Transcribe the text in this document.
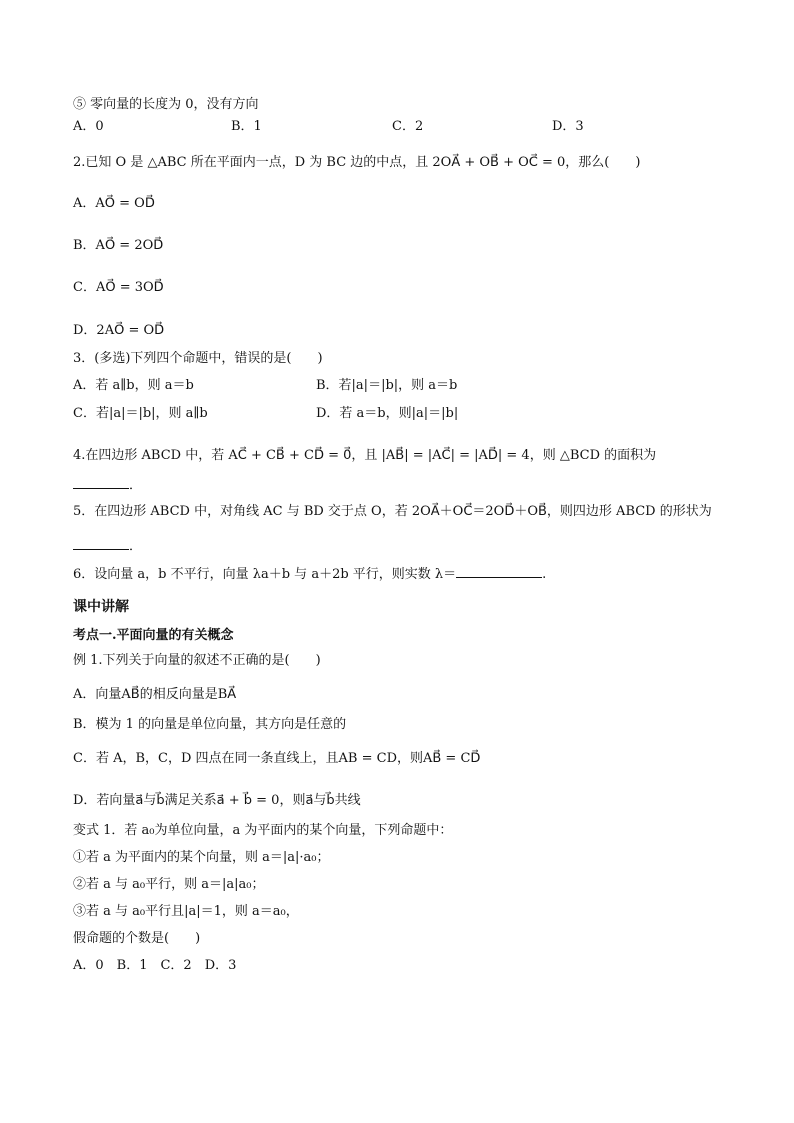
⑤ 零向量的长度为 0，没有方向
A．0	B．1	C．2	D．3
2.已知 O 是 △ABC 所在平面内一点，D 为 BC 边的中点，且 2OA⃗ + OB⃗ + OC⃗ = 0，那么(　　)
A．AO⃗ = OD⃗
B．AO⃗ = 2OD⃗
C．AO⃗ = 3OD⃗
D．2AO⃗ = OD⃗
3．(多选)下列四个命题中，错误的是(　　)
A．若 a∥b，则 a＝b	B．若|a|＝|b|，则 a＝b
C．若|a|＝|b|，则 a∥b	D．若 a＝b，则|a|＝|b|
4.在四边形 ABCD 中，若 AC⃗ + CB⃗ + CD⃗ = 0⃗，且 |AB⃗| = |AC⃗| = |AD⃗| = 4，则 △BCD 的面积为
．
5．在四边形 ABCD 中，对角线 AC 与 BD 交于点 O，若 2OA⃗＋OC⃗＝2OD⃗＋OB⃗，则四边形 ABCD 的形状为
．
6．设向量 a，b 不平行，向量 λa＋b 与 a＋2b 平行，则实数 λ＝	.
课中讲解
考点一.平面向量的有关概念
例 1.下列关于向量的叙述不正确的是(　　)
A．向量AB⃗的相反向量是BA⃗
B．模为 1 的向量是单位向量，其方向是任意的
C．若 A，B，C，D 四点在同一条直线上，且AB = CD，则AB⃗ = CD⃗
D．若向量a⃗与b⃗满足关系a⃗ + b⃗ = 0，则a⃗与b⃗共线
变式 1．若 a₀为单位向量，a 为平面内的某个向量，下列命题中：
①若 a 为平面内的某个向量，则 a＝|a|·a₀；
②若 a 与 a₀平行，则 a＝|a|a₀；
③若 a 与 a₀平行且|a|＝1，则 a＝a₀，
假命题的个数是(　　)
A．0　B．1　C．2　D．3
